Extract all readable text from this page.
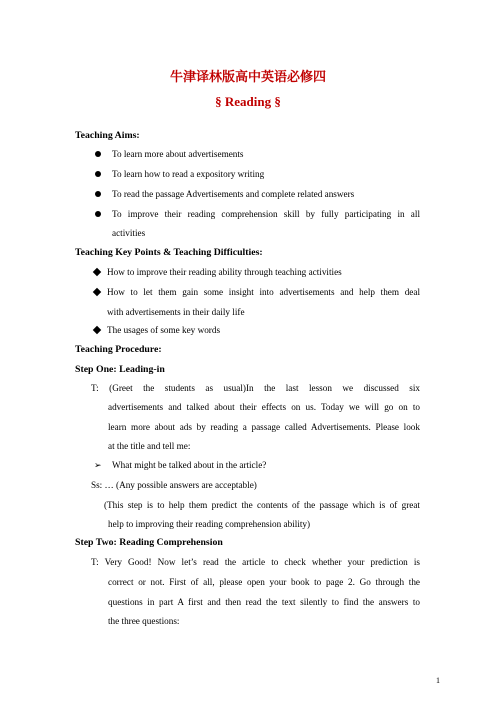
牛津译林版高中英语必修四
§ Reading §
Teaching Aims:
To learn more about advertisements
To learn how to read a expository writing
To read the passage Advertisements and complete related answers
To improve their reading comprehension skill by fully participating in all
activities
Teaching Key Points & Teaching Difficulties:
How to improve their reading ability through teaching activities
How to let them gain some insight into advertisements and help them deal
with advertisements in their daily life
The usages of some key words
Teaching Procedure:
Step One: Leading-in
T: (Greet the students as usual)In the last lesson we discussed six
advertisements and talked about their effects on us. Today we will go on to
learn more about ads by reading a passage called Advertisements. Please look
at the title and tell me:
➢ What might be talked about in the article?
Ss: … (Any possible answers are acceptable)
(This step is to help them predict the contents of the passage which is of great
help to improving their reading comprehension ability)
Step Two: Reading Comprehension
T: Very Good! Now let’s read the article to check whether your prediction is
correct or not. First of all, please open your book to page 2. Go through the
questions in part A first and then read the text silently to find the answers to
the three questions:
1
